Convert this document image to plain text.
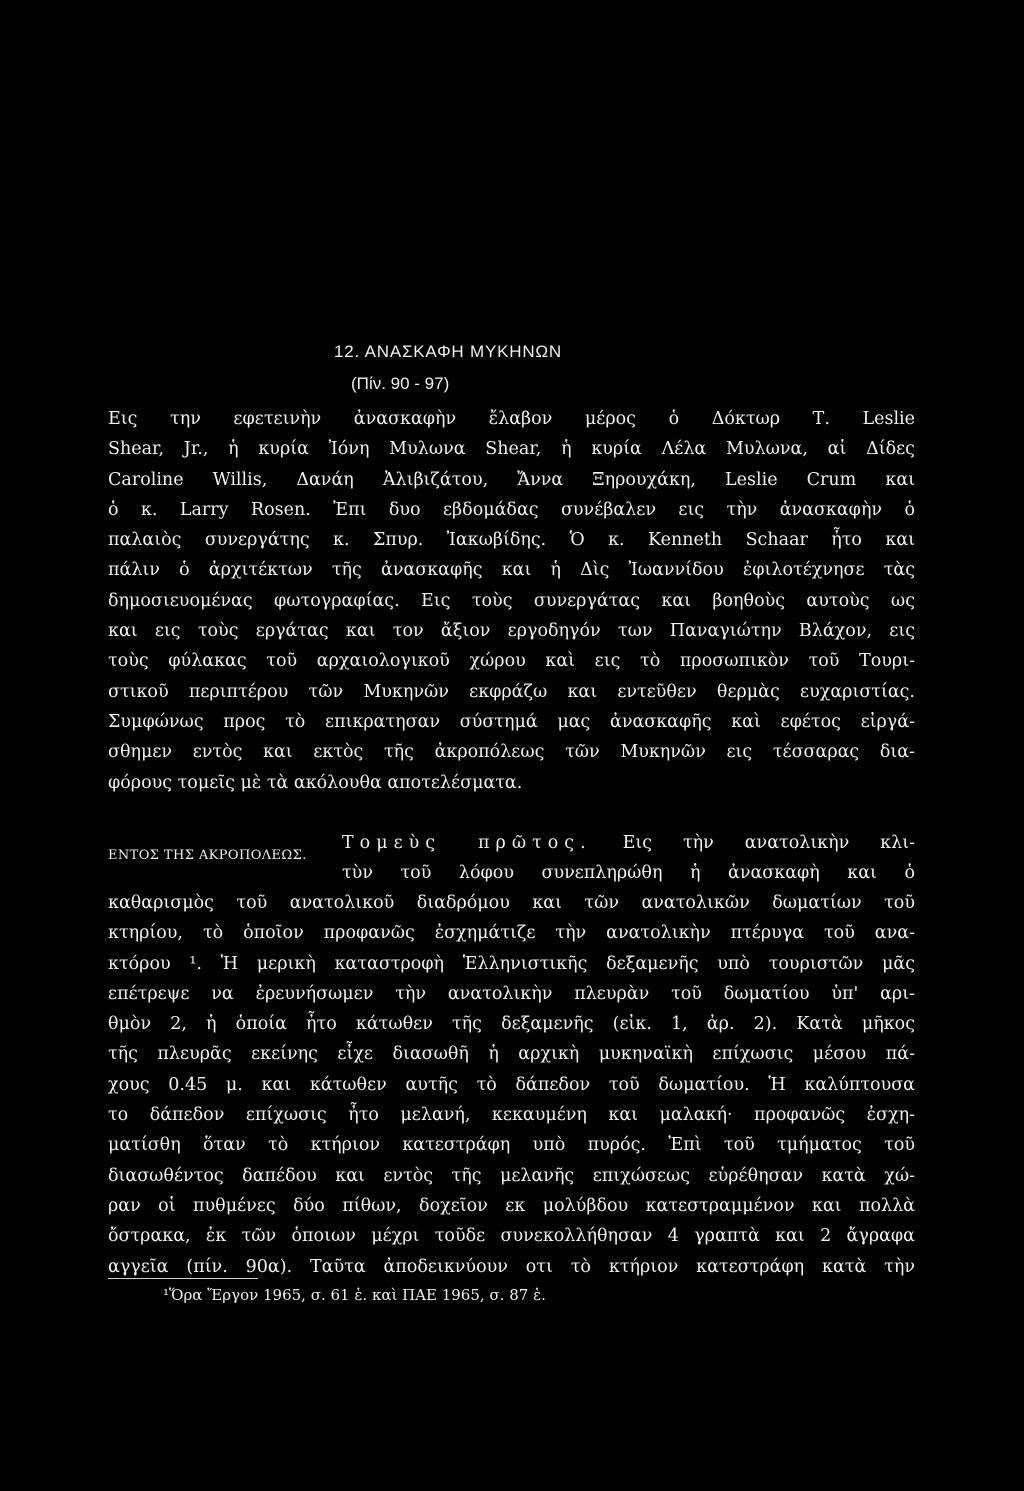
12. ΑΝΑΣΚΑΦΗ ΜΥΚΗΝΩΝ
(Πίν. 90 - 97)

Εις την εφετεινὴν ἀνασκαφὴν ἔλαβον μέρος ὁ Δόκτωρ Τ. Leslie
Shear, Jr., ἡ κυρία Ἰόνη Μυλωνα Shear, ἡ κυρία Λέλα Μυλωνα, αἱ Δίδες
Caroline Willis, Δανάη Ἀλιβιζάτου, Ἄννα Ξηρουχάκη, Leslie Crum και
ὁ κ. Larry Rosen. Ἐπι δυο εβδομάδας συνέβαλεν εις τὴν ἀνασκαφὴν ὁ
παλαιὸς συνεργάτης κ. Σπυρ. Ἰακωβίδης. Ὁ κ. Kenneth Schaar ἦτο και
πάλιν ὁ ἀρχιτέκτων τῆς ἀνασκαφῆς και ἡ Δὶς Ἰωαννίδου ἐφιλοτέχνησε τὰς
δημοσιευομένας φωτογραφίας. Εις τοὺς συνεργάτας και βοηθοὺς αυτοὺς ως
και εις τοὺς εργάτας και τον ἄξιον εργοδηγόν των Παναγιώτην Βλάχον, εις
τοὺς φύλακας τοῦ αρχαιολογικοῦ χώρου καὶ εις τὸ προσωπικὸν τοῦ Τουρι-
στικοῦ περιπτέρου τῶν Μυκηνῶν εκφράζω και εντεῦθεν θερμὰς ευχαριστίας.
Συμφώνως προς τὸ επικρατησαν σύστημά μας ἀνασκαφῆς καὶ εφέτος εἰργά-
σθημεν εντὸς και εκτὸς τῆς ἀκροπόλεως τῶν Μυκηνῶν εις τέσσαρας δια-
φόρους τομεῖς μὲ τὰ ακόλουθα αποτελέσματα.

ΕΝΤΟΣ ΤΗΣ ΑΚΡΟΠΟΛΕΩΣ.
Τομεὺς πρῶτος. Εις τὴν ανατολικὴν κλι-
τὺν τοῦ λόφου συνεπληρώθη ἡ ἀνασκαφὴ και ὁ

καθαρισμὸς τοῦ ανατολικοῦ διαδρόμου και τῶν ανατολικῶν δωματίων τοῦ
κτηρίου, τὸ ὁποῖον προφανῶς ἐσχημάτιζε τὴν ανατολικὴν πτέρυγα τοῦ ανα-
κτόρου ¹. Ἡ μερικὴ καταστροφὴ Ἑλληνιστικῆς δεξαμενῆς υπὸ τουριστῶν μᾶς
επέτρεψε να ἐρευνήσωμεν τὴν ανατολικὴν πλευρὰν τοῦ δωματίου ὑπ' αρι-
θμὸν 2, ἡ ὁποία ἦτο κάτωθεν τῆς δεξαμενῆς (εἰκ. 1, ἀρ. 2). Κατὰ μῆκος
τῆς πλευρᾶς εκείνης εἶχε διασωθῆ ἡ αρχικὴ μυκηναϊκὴ επίχωσις μέσου πά-
χους 0.45 μ. και κάτωθεν αυτῆς τὸ δάπεδον τοῦ δωματίου. Ἡ καλύπτουσα
το δάπεδον επίχωσις ἦτο μελανή, κεκαυμένη και μαλακή· προφανῶς ἐσχη-
ματίσθη ὅταν τὸ κτήριον κατεστράφη υπὸ πυρός. Ἐπὶ τοῦ τμήματος τοῦ
διασωθέντος δαπέδου και εντὸς τῆς μελανῆς επιχώσεως εὑρέθησαν κατὰ χώ-
ραν οἱ πυθμένες δύο πίθων, δοχεῖον εκ μολύβδου κατεστραμμένον και πολλὰ
ὄστρακα, ἐκ τῶν ὁποιων μέχρι τοῦδε συνεκολλήθησαν 4 γραπτὰ και 2 ἄγραφα
αγγεῖα (πίν. 90α). Ταῦτα ἀποδεικνύουν οτι τὸ κτήριον κατεστράφη κατὰ τὴν

¹Ὅρα Ἔργον 1965, σ. 61 ἑ. καὶ ΠΑΕ 1965, σ. 87 ἑ.
